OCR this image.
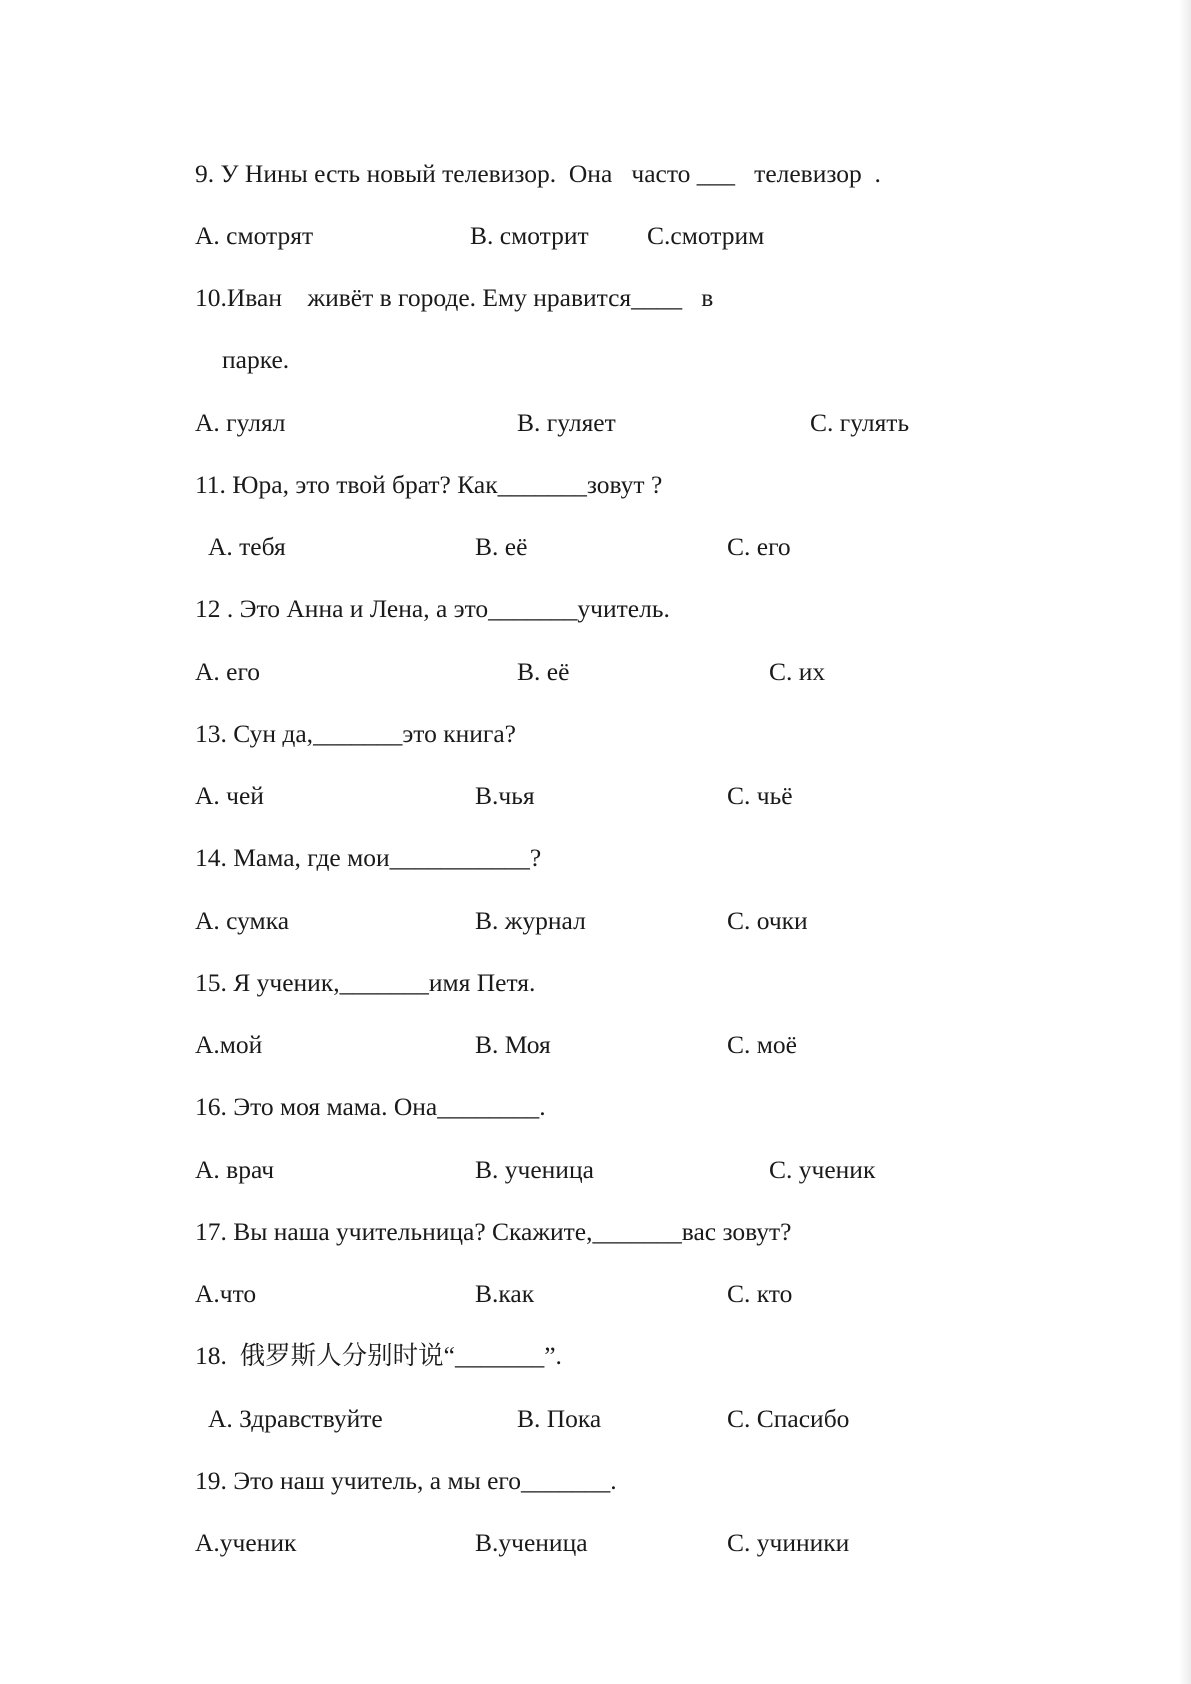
9. У Нины есть новый телевизор.  Она   часто ___   телевизор  .
А. смотрят	В. смотрит С.смотрим
10.Иван    живёт в городе. Ему нравится____   в
парке.
А. гулял	В. гуляет	С. гулять
11. Юра, это твой брат? Как_______зовут ?
А. тебя	В. её	С. его
12 . Это Анна и Лена, а это_______учитель.
А. его	В. её	С. их
13. Сун да,_______это книга?
А. чей	В.чья	С. чьё
14. Мама, где мои___________?
А. сумка	В. журнал	С. очки
15. Я ученик,_______имя Петя.
А.мой	В. Моя	С. моё
16. Это моя мама. Она________.
А. врач	В. ученица	С. ученик
17. Вы наша учительница? Скажите,_______вас зовут?
А.что	В.как	С. кто
18.  俄罗斯人分别时说“_______”.
А. Здравствуйте	В. Пока	С. Спасибо
19. Это наш учитель, а мы его_______.
А.ученик	В.ученица	С. учиники
